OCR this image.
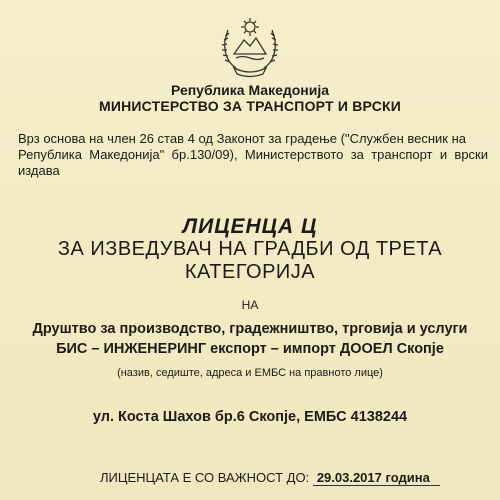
Република Македонија
МИНИСТЕРСТВО ЗА ТРАНСПОРТ И ВРСКИ
Врз основа на член 26 став 4 од Законот за градење ("Службен весник на
Република Македонија" бр.130/09), Министерството за транспорт и врски издава
ЛИЦЕНЦА Ц
ЗА ИЗВЕДУВАЧ НА ГРАДБИ ОД ТРЕТА
КАТЕГОРИЈА
НА
Друштво за производство, градежништво, трговија и услуги
БИС – ИНЖЕНЕРИНГ експорт – импорт ДООЕЛ Скопје
(назив, седиште, адреса и ЕМБС на правното лице)
ул. Коста Шахов бр.6 Скопје, ЕМБС 4138244
ЛИЦЕНЦАТА Е СО ВАЖНОСТ ДО: 29.03.2017 година
